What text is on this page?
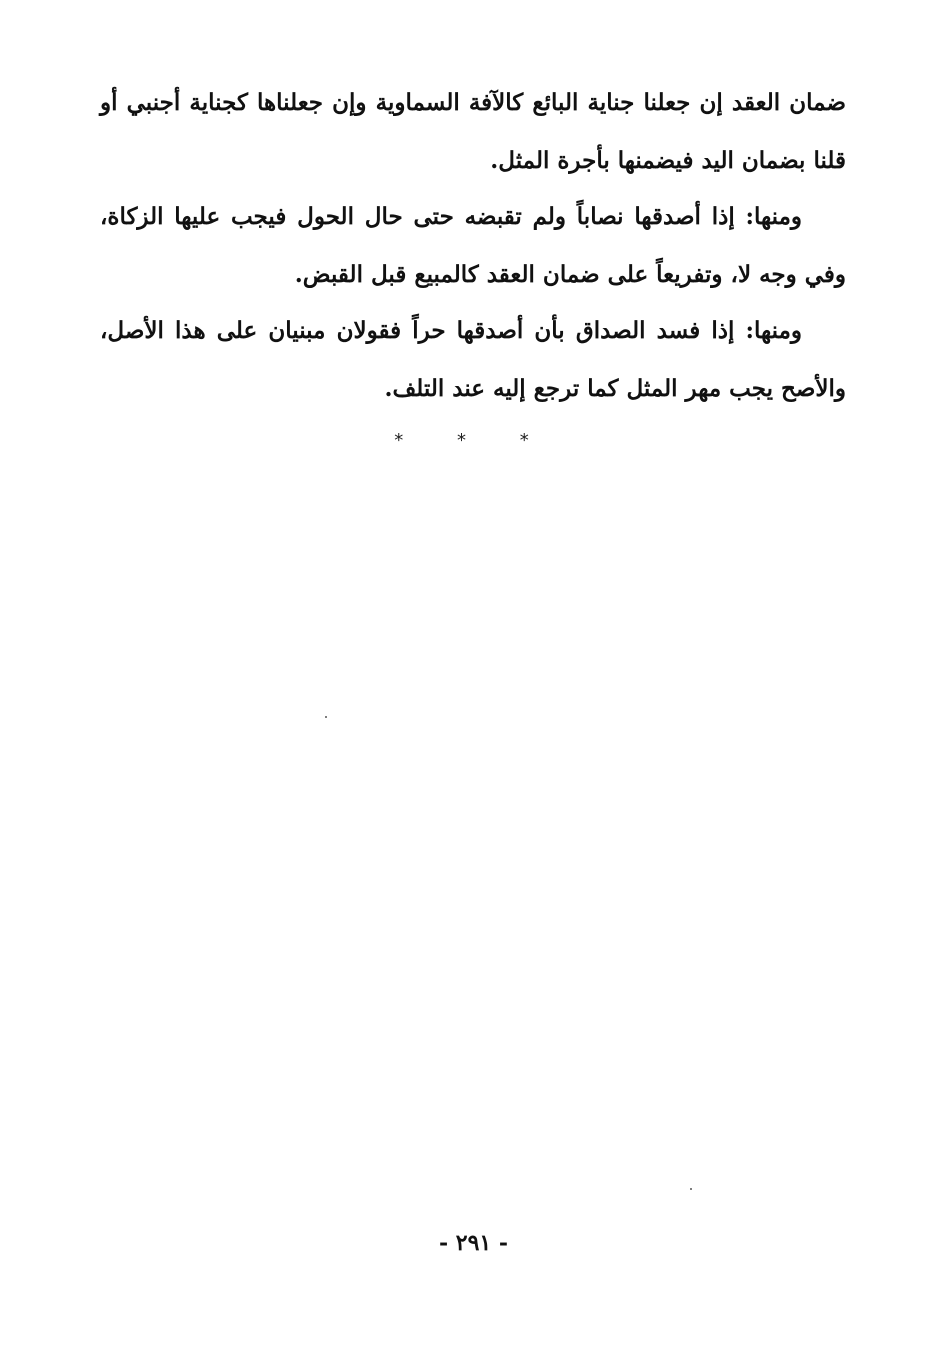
ضمان العقد إن جعلنا جناية البائع كالآفة السماوية وإن جعلناها كجناية أجنبي أو قلنا بضمان اليد فيضمنها بأجرة المثل.

ومنها: إذا أصدقها نصاباً ولم تقبضه حتى حال الحول فيجب عليها الزكاة، وفي وجه لا، وتفريعاً على ضمان العقد كالمبيع قبل القبض.

ومنها: إذا فسد الصداق بأن أصدقها حراً فقولان مبنيان على هذا الأصل، والأصح يجب مهر المثل كما ترجع إليه عند التلف.

* * *
- ٢٩١ -
